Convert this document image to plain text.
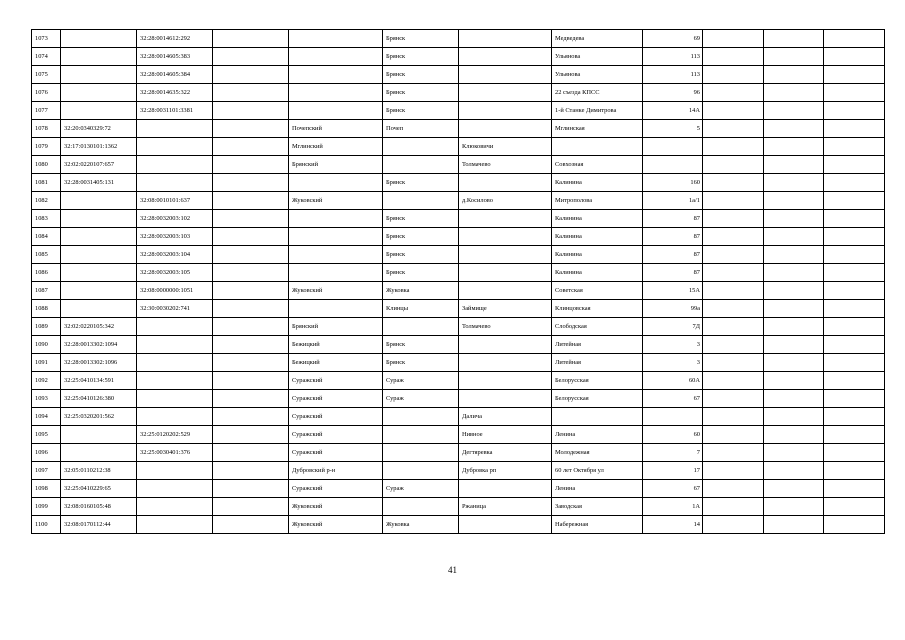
1073		32:28:0014612:292			Брянск		Медведева	69			
1074		32:28:0014605:383			Брянск		Ульянова	113			
1075		32:28:0014605:384			Брянск		Ульянова	113			
1076		32:28:0014635:322			Брянск		22 съезда КПСС	96			
1077		32:28:0031101:3381			Брянск		1-й Станке Димитрова	14А			
1078	32:20:0340329:72			Почепский	Почеп		Мглинская	5			
1079	32:17:0130101:1362			Мглинский		Клюковичи					
1080	32:02:0220107:657			Брянский		Толмачево	Совхозная				
1081	32:28:0031405:131				Брянск		Калинина	160			
1082		32:08:0010101:637		Жуковский		д.Косилово	Митрополова	1а/1			
1083		32:28:0032003:102			Брянск		Калинина	87			
1084		32:28:0032003:103			Брянск		Калинина	87			
1085		32:28:0032003:104			Брянск		Калинина	87			
1086		32:28:0032003:105			Брянск		Калинина	87			
1087		32:08:0000000:1051		Жуковский	Жуковка		Советская	15А			
1088		32:30:0030202:741			Клинцы	Займище	Клинцовская	99а			
1089	32:02:0220105:342			Брянский		Толмачево	Слободская	7Д			
1090	32:28:0013302:1094			Бежицкий	Брянск		Литейная	3			
1091	32:28:0013302:1096			Бежицкий	Брянск		Литейная	3			
1092	32:25:0410134:591			Суражский	Сураж		Белорусская	60А			
1093	32:25:0410126:380			Суражский	Сураж		Белорусская	67			
1094	32:25:0320201:562			Суражский		Далича					
1095		32:25:0120202:529		Суражский		Нивное	Ленина	60			
1096		32:25:0030401:376		Суражский		Дегтяревка	Молодежная	7			
1097	32:05:0110212:38			Дубровский р-н		Дубровка рп	60 лет Октября ул	17			
1098	32:25:0410229:65			Суражский	Сураж		Ленина	67			
1099	32:08:0160105:48			Жуковский		Ржаница	Заводская	1А			
1100	32:08:0170112:44			Жуковский	Жуковка		Набережная	14			
41
